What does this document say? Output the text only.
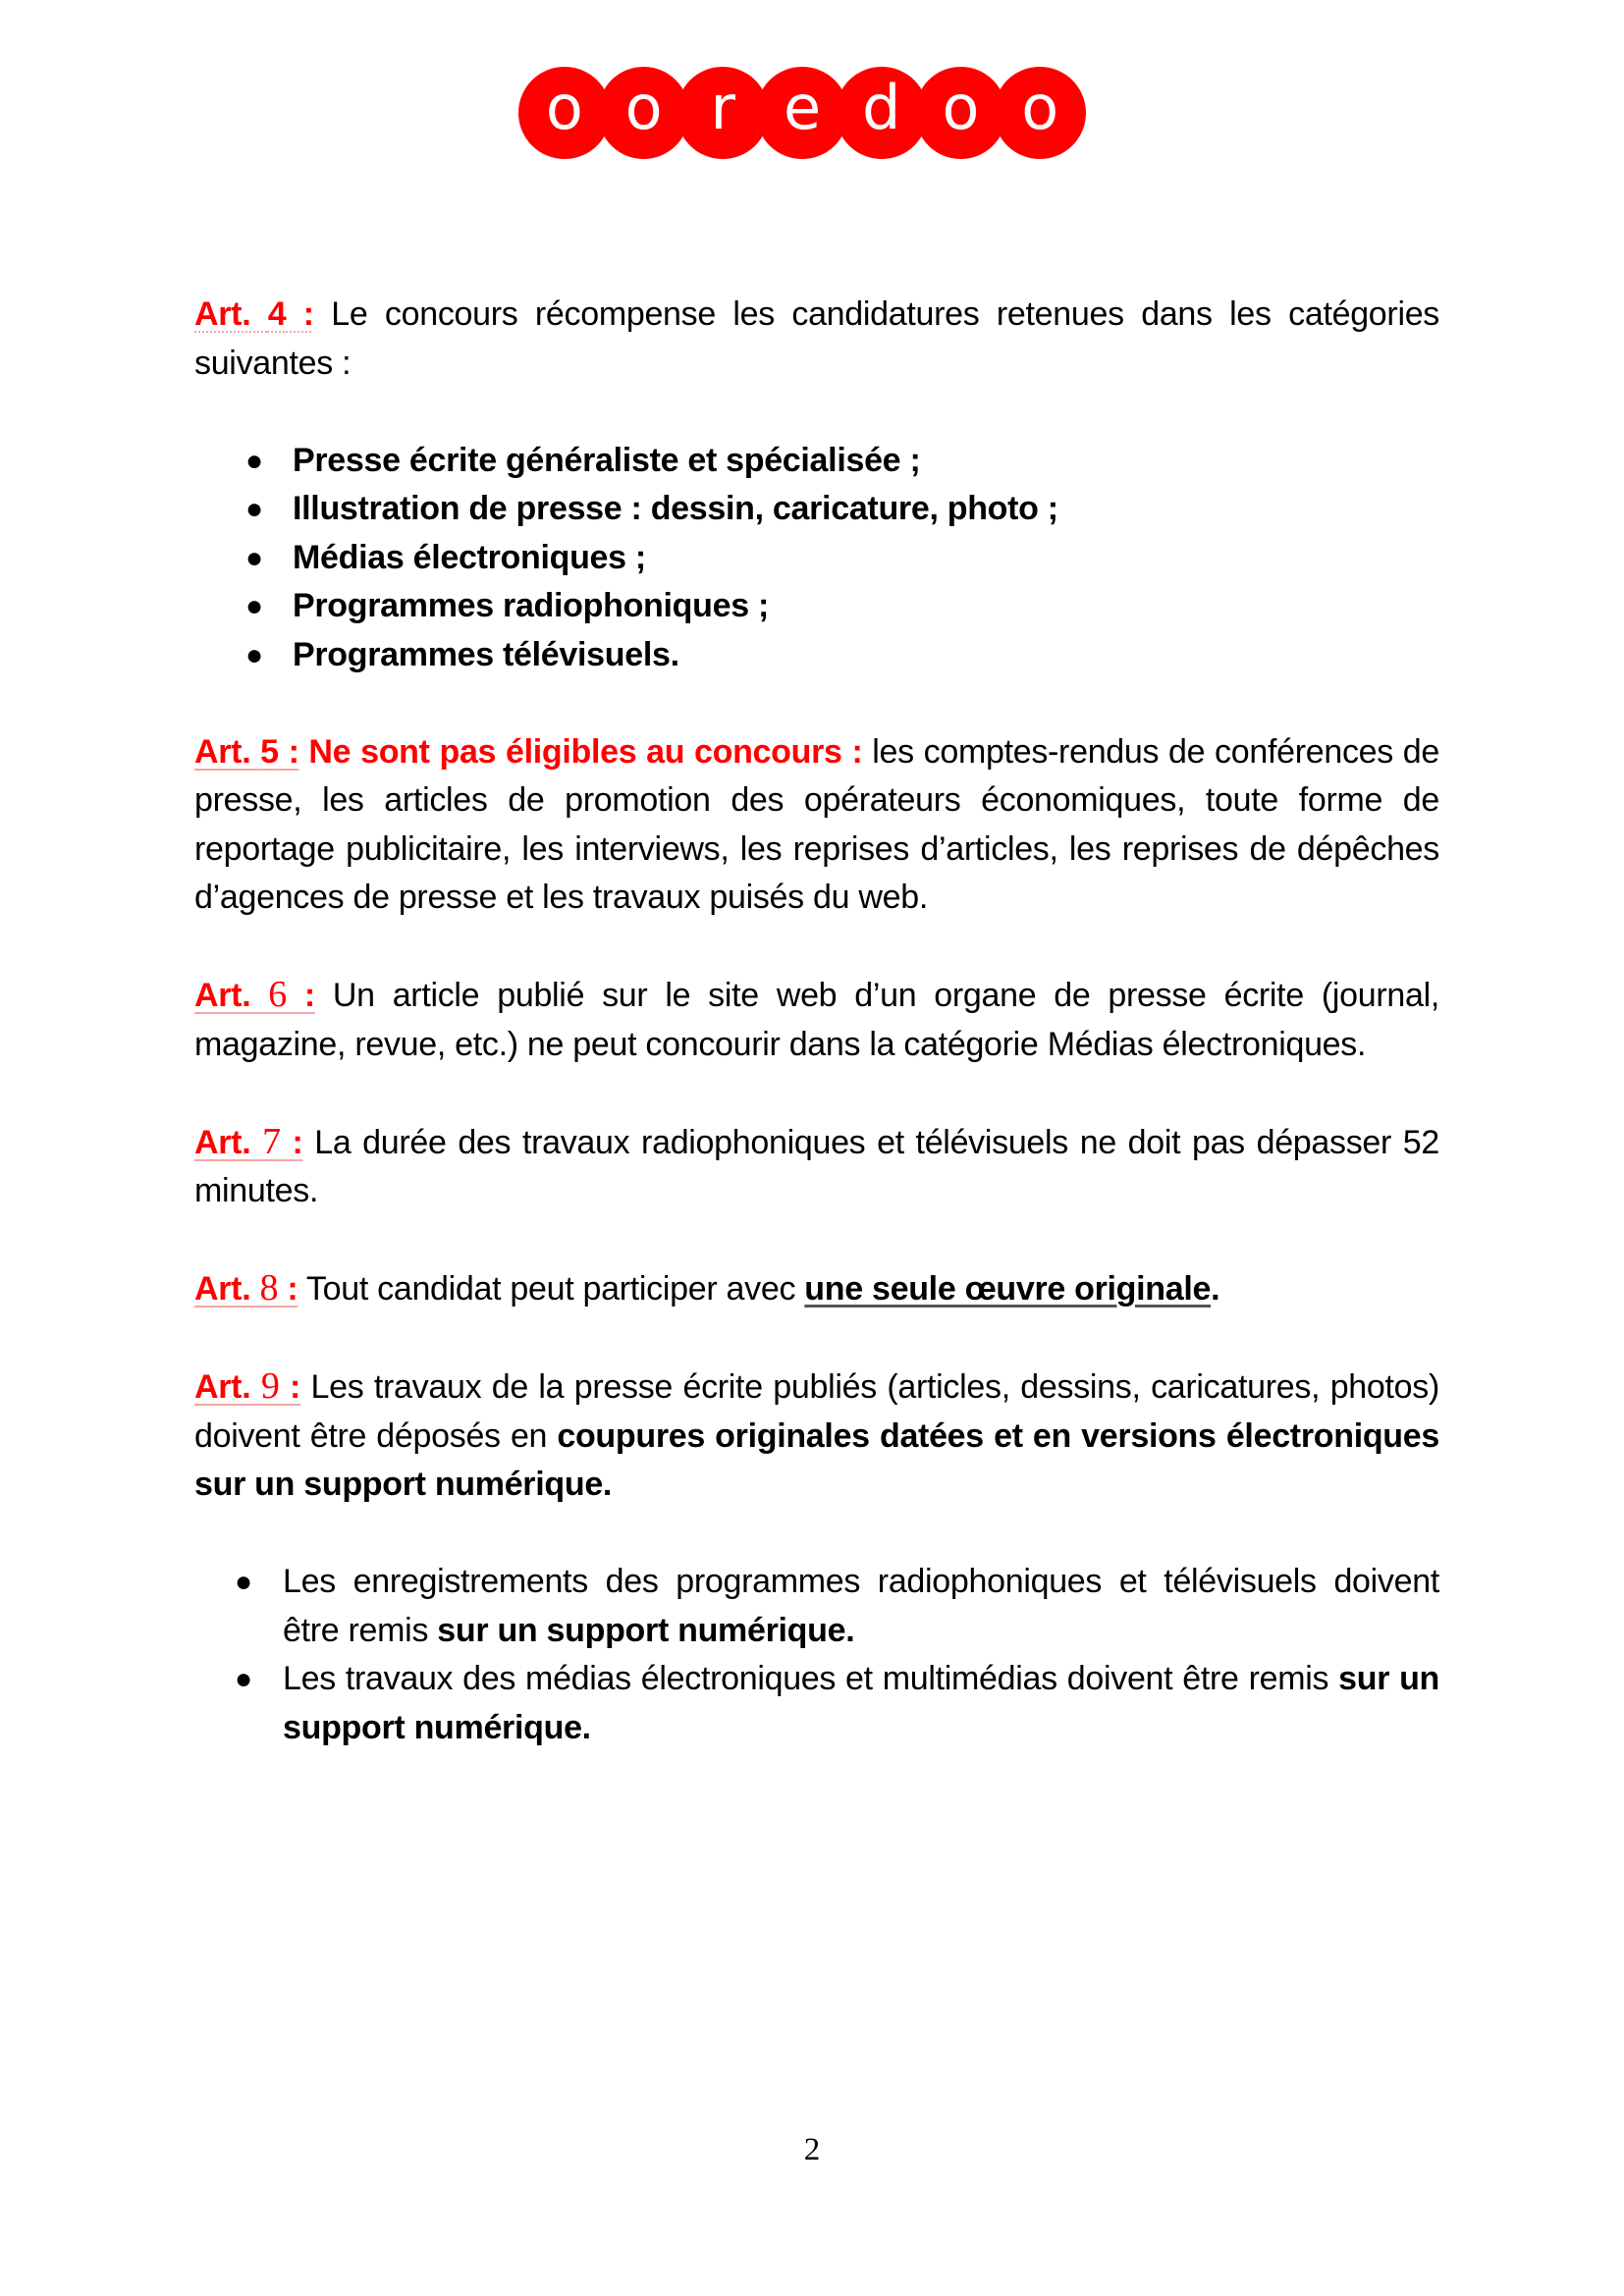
o o r e d o o

Art. 4 : Le concours récompense les candidatures retenues dans les catégories suivantes :

● Presse écrite généraliste et spécialisée ;
● Illustration de presse : dessin, caricature, photo ;
● Médias électroniques ;
● Programmes radiophoniques ;
● Programmes télévisuels.

Art. 5 : Ne sont pas éligibles au concours : les comptes-rendus de conférences de presse, les articles de promotion des opérateurs économiques, toute forme de reportage publicitaire, les interviews, les reprises d’articles, les reprises de dépêches d’agences de presse et les travaux puisés du web.

Art. 6 : Un article publié sur le site web d’un organe de presse écrite (journal, magazine, revue, etc.) ne peut concourir dans la catégorie Médias électroniques.

Art. 7 : La durée des travaux radiophoniques et télévisuels ne doit pas dépasser 52 minutes.

Art. 8 : Tout candidat peut participer avec une seule œuvre originale.

Art. 9 : Les travaux de la presse écrite publiés (articles, dessins, caricatures, photos) doivent être déposés en coupures originales datées et en versions électroniques sur un support numérique.

● Les enregistrements des programmes radiophoniques et télévisuels doivent être remis sur un support numérique.
● Les travaux des médias électroniques et multimédias doivent être remis sur un support numérique.
2
